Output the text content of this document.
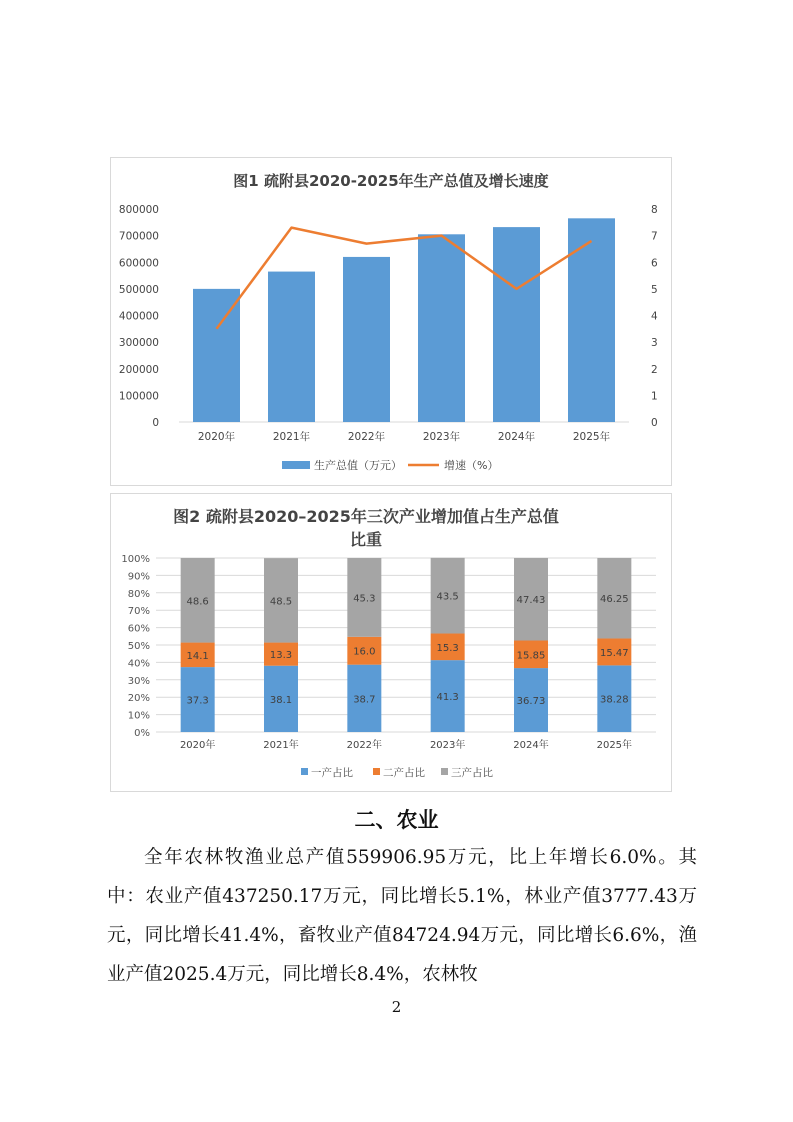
图1 疏附县2020-2025年生产总值及增长速度
0
100000
200000
300000
400000
500000
600000
700000
800000
0
1
2
3
4
5
6
7
8
2020年	2021年	2022年	2023年	2024年	2025年
生产总值（万元）	增速（%）
图2 疏附县2020–2025年三次产业增加值占生产总值
比重
0%
10%
20%
30%
40%
50%
60%
70%
80%
90%
100%
37.3
14.1
48.6
2020年
38.1
13.3
48.5
2021年
38.7
16.0
45.3
2022年
41.3
15.3
43.5
2023年
36.73
15.85
47.43
2024年
38.28
15.47
46.25
2025年
一产占比	二产占比 三产占比
二、农业

全年农林牧渔业总产值559906.95万元，比上年增长6.0%。其中：农业产值437250.17万元，同比增长5.1%，林业产值3777.43万元，同比增长41.4%，畜牧业产值84724.94万元，同比增长6.6%，渔业产值2025.4万元，同比增长8.4%，农林牧

2
